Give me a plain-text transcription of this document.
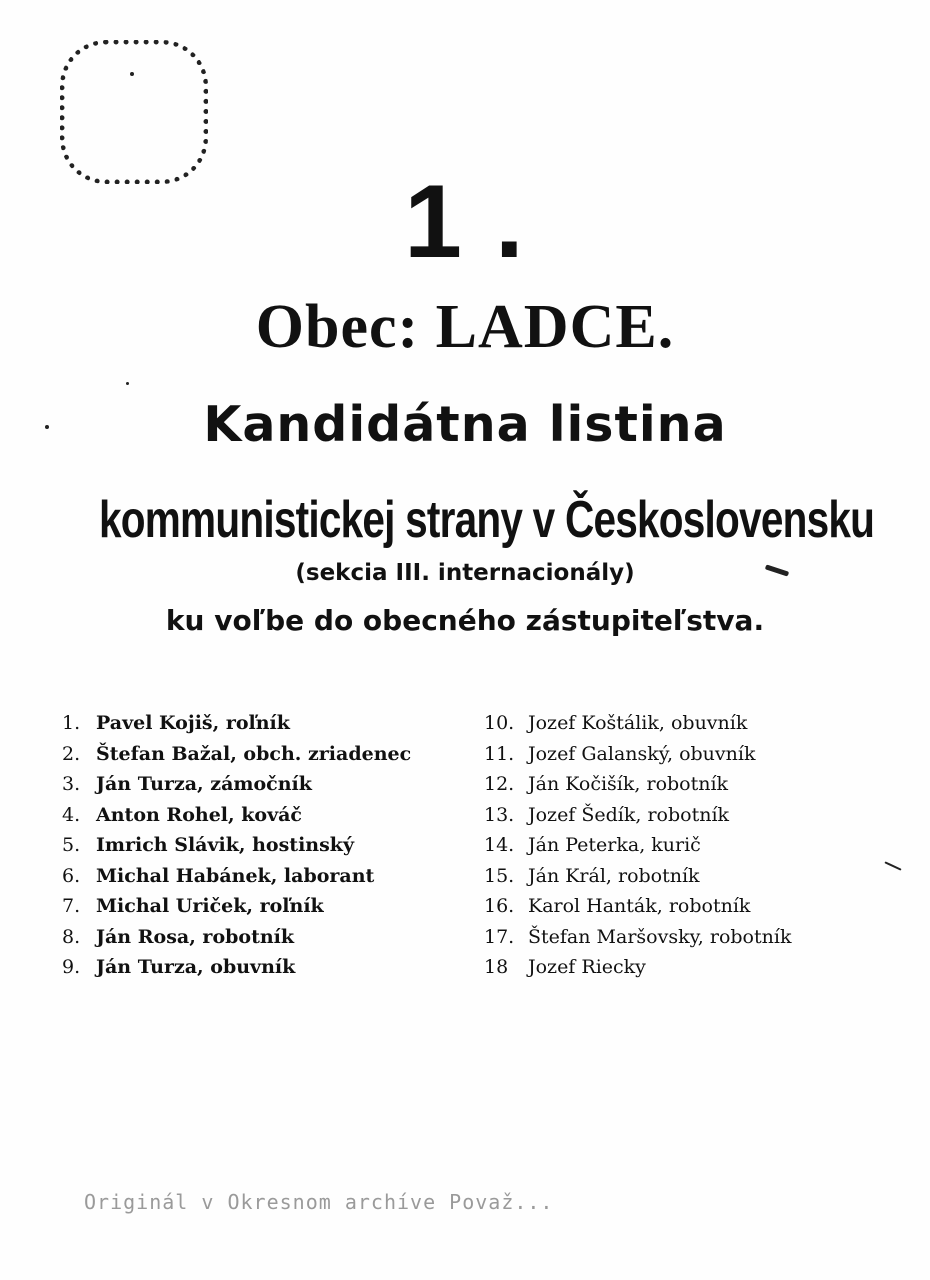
1 .
Obec: LADCE.
Kandidátna listina
kommunistickej strany v Československu
(sekcia III. internacionály)
ku voľbe do obecného zástupiteľstva.
1. Pavel Kojiš, roľník
2. Štefan Bažal, obch. zriadenec
3. Ján Turza, zámočník
4. Anton Rohel, kováč
5. Imrich Slávik, hostinský
6. Michal Habánek, laborant
7. Michal Uriček, roľník
8. Ján Rosa, robotník
9. Ján Turza, obuvník
10. Jozef Koštálik, obuvník
11. Jozef Galanský, obuvník
12. Ján Kočišík, robotník
13. Jozef Šedík, robotník
14. Ján Peterka, kurič
15. Ján Král, robotník
16. Karol Hanták, robotník
17. Štefan Maršovsky, robotník
18	Jozef Riecky
Originál v Okresnom archíve Považ...
